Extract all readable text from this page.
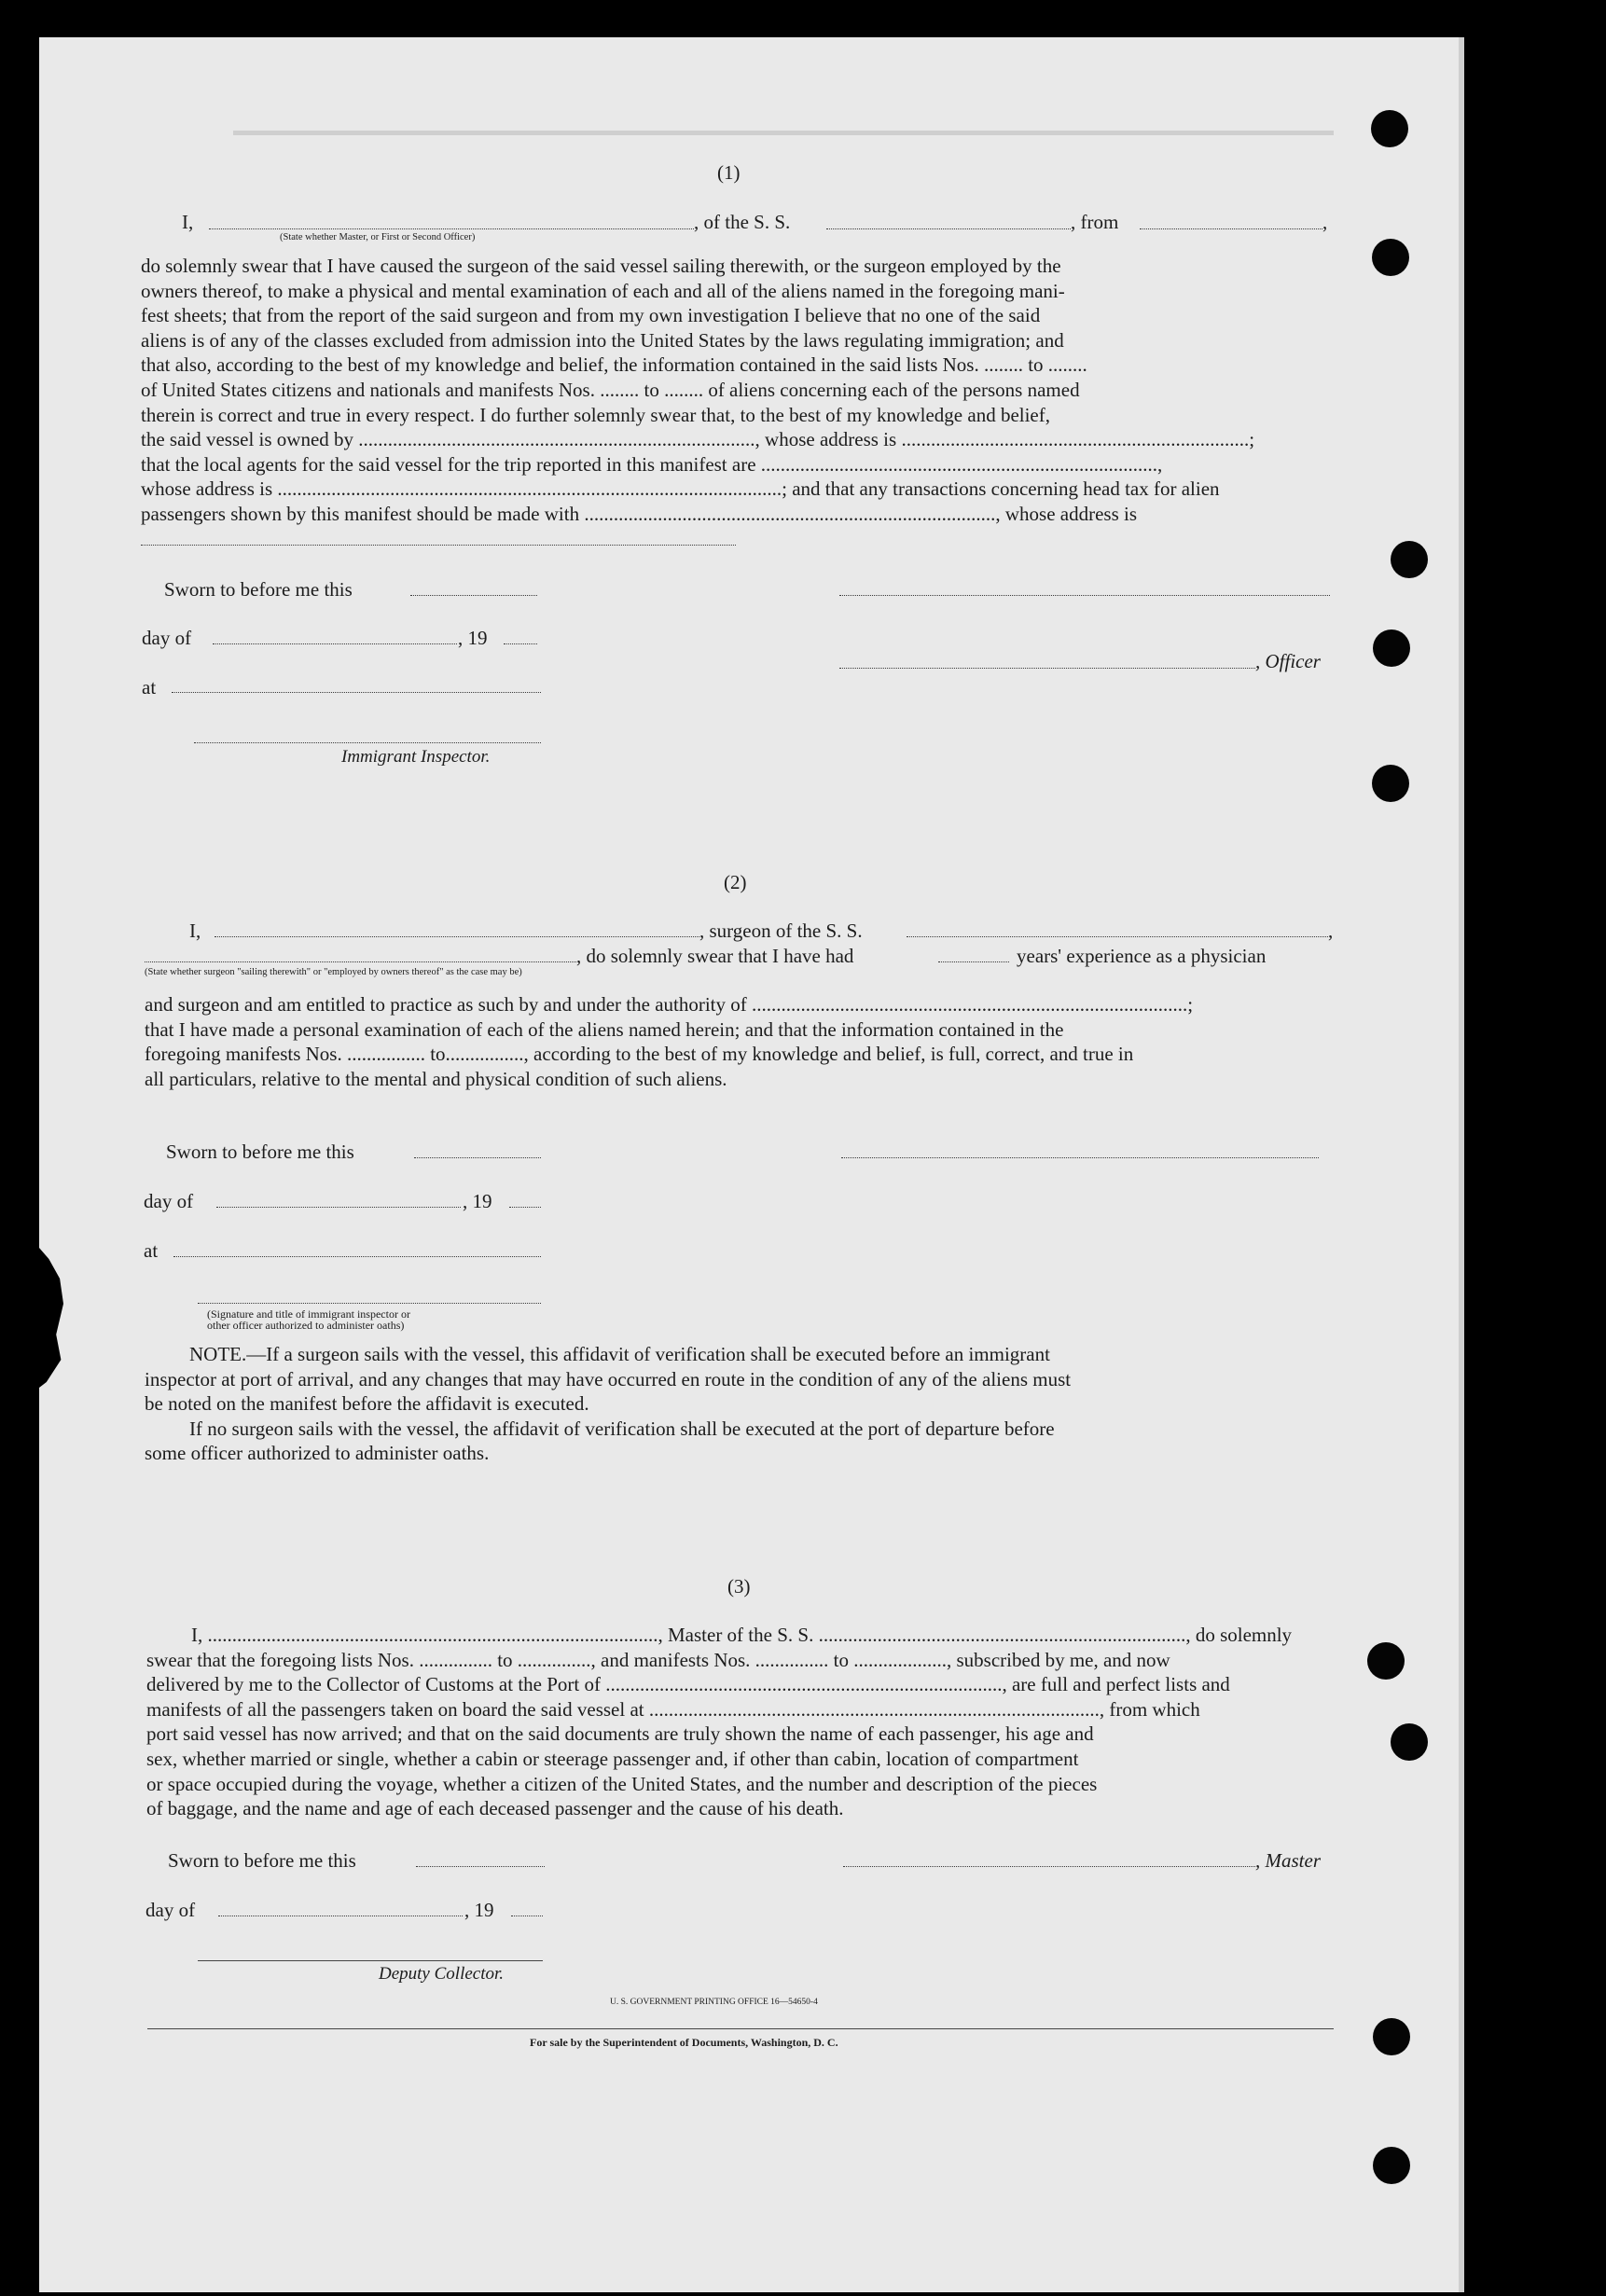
(1)
I,	, of the S. S.	, from	,
(State whether Master, or First or Second Officer)
do solemnly swear that I have caused the surgeon of the said vessel sailing therewith, or the surgeon employed by the
owners thereof, to make a physical and mental examination of each and all of the aliens named in the foregoing mani-
fest sheets; that from the report of the said surgeon and from my own investigation I believe that no one of the said
aliens is of any of the classes excluded from admission into the United States by the laws regulating immigration; and
that also, according to the best of my knowledge and belief, the information contained in the said lists Nos. ........ to ........
of United States citizens and nationals and manifests Nos. ........ to ........ of aliens concerning each of the persons named
therein is correct and true in every respect. I do further solemnly swear that, to the best of my knowledge and belief,
the said vessel is owned by ................................................................................., whose address is .......................................................................;
that the local agents for the said vessel for the trip reported in this manifest are .................................................................................,
whose address is .......................................................................................................; and that any transactions concerning head tax for alien
passengers shown by this manifest should be made with ...................................................................................., whose address is
Sworn to before me this
day of	, 19
, Officer
at
Immigrant Inspector.
(2)
I,	, surgeon of the S. S.	,
, do solemnly swear that I have had	years' experience as a physician
(State whether surgeon "sailing therewith" or "employed by owners thereof" as the case may be)
and surgeon and am entitled to practice as such by and under the authority of .........................................................................................;
that I have made a personal examination of each of the aliens named herein; and that the information contained in the
foregoing manifests Nos. ................ to................, according to the best of my knowledge and belief, is full, correct, and true in
all particulars, relative to the mental and physical condition of such aliens.
Sworn to before me this
day of	, 19
at
(Signature and title of immigrant inspector or
other officer authorized to administer oaths)
NOTE.—If a surgeon sails with the vessel, this affidavit of verification shall be executed before an immigrant
inspector at port of arrival, and any changes that may have occurred en route in the condition of any of the aliens must
be noted on the manifest before the affidavit is executed.
If no surgeon sails with the vessel, the affidavit of verification shall be executed at the port of departure before
some officer authorized to administer oaths.
(3)
I, ............................................................................................, Master of the S. S. ..........................................................................., do solemnly
swear that the foregoing lists Nos. ............... to ..............., and manifests Nos. ............... to ..................., subscribed by me, and now
delivered by me to the Collector of Customs at the Port of ................................................................................., are full and perfect lists and
manifests of all the passengers taken on board the said vessel at ............................................................................................, from which
port said vessel has now arrived; and that on the said documents are truly shown the name of each passenger, his age and
sex, whether married or single, whether a cabin or steerage passenger and, if other than cabin, location of compartment
or space occupied during the voyage, whether a citizen of the United States, and the number and description of the pieces
of baggage, and the name and age of each deceased passenger and the cause of his death.
Sworn to before me this	, Master
day of	, 19
Deputy Collector.
U. S. GOVERNMENT PRINTING OFFICE 16—54650-4
For sale by the Superintendent of Documents, Washington, D. C.
